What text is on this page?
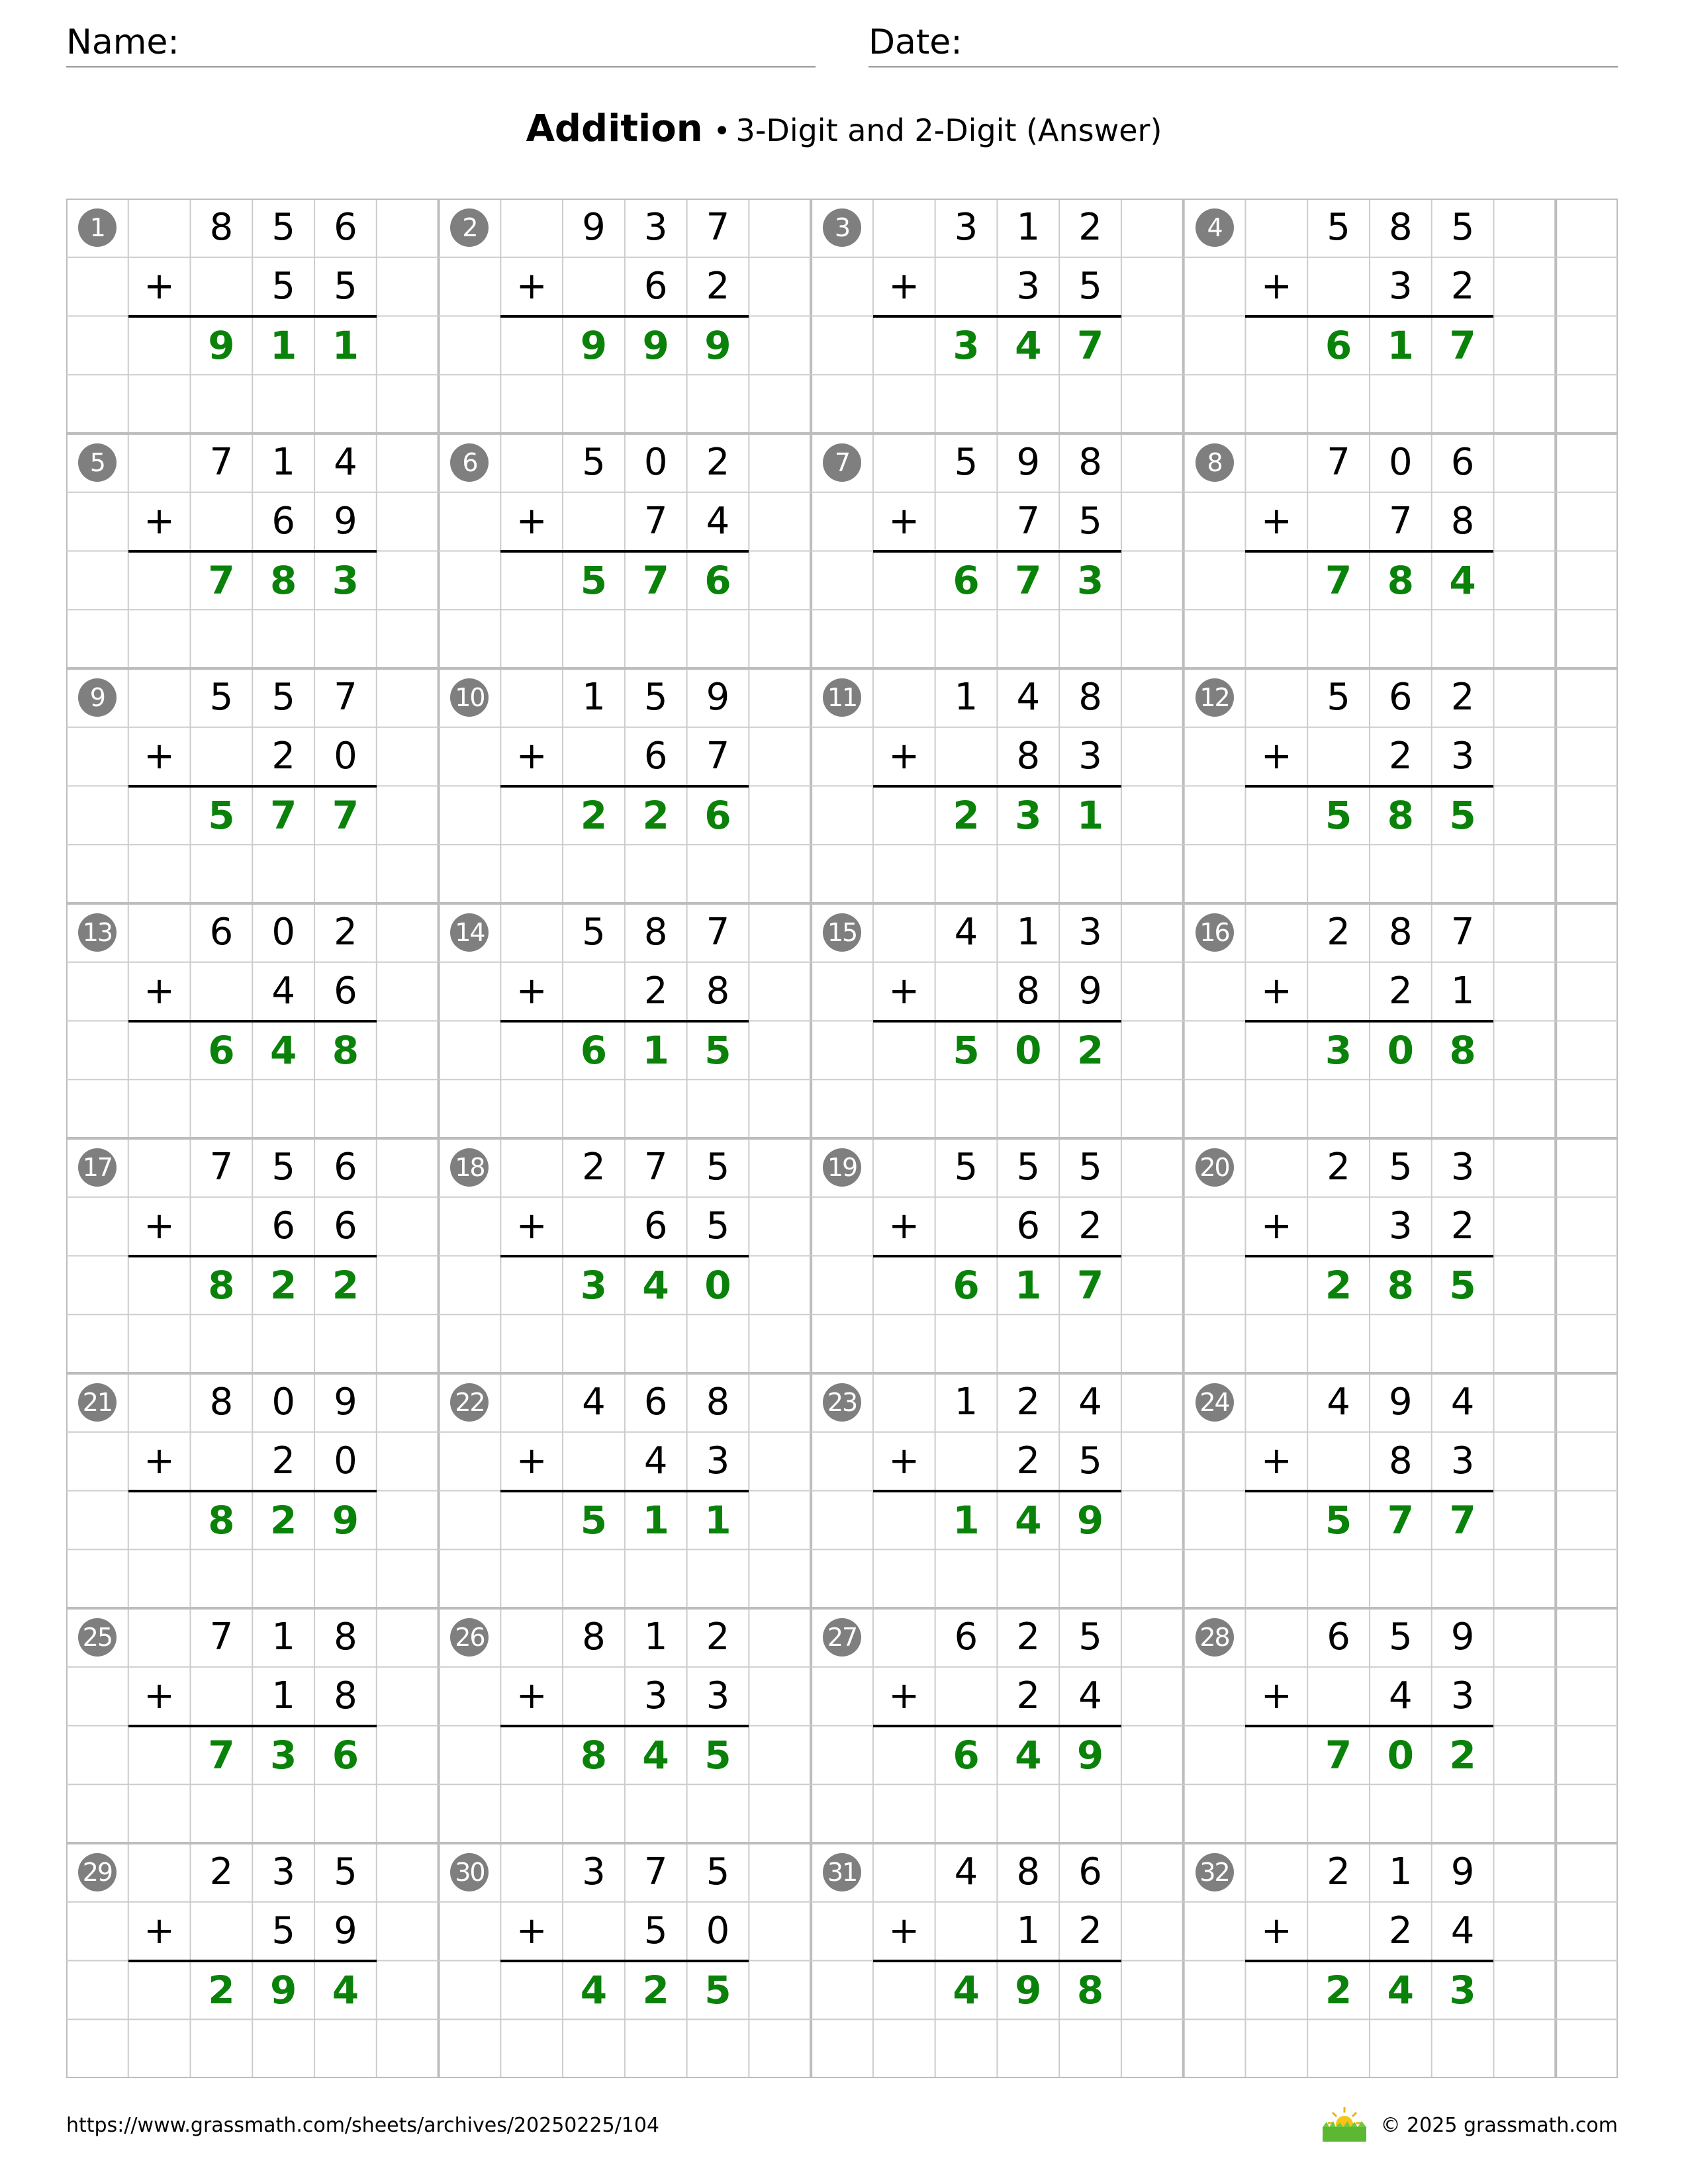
Name:	Date:
Addition • 3-Digit and 2-Digit (Answer)
1	8	5	6
+	5	5
9 1 1
2	9	3	7
+	6	2
9 9 9
3	3	1	2
+	3	5
3 4 7
4	5	8	5
+	3	2
6 1 7
5	7	1	4
+	6	9
7 8 3
6	5	0	2
+	7	4
5 7 6
7	5	9	8
+	7	5
6 7 3
8	7	0	6
+	7	8
7 8 4
9	5	5	7
+	2	0
5 7 7
10	1	5	9
+	6	7
2 2 6
11	1	4	8
+	8	3
2 3 1
12	5	6	2
+	2	3
5 8 5
13	6	0	2
+	4	6
6 4 8
14	5	8	7
+	2	8
6 1 5
15	4	1	3
+	8	9
5 0 2
16	2	8	7
+	2	1
3 0 8
17	7	5	6
+	6	6
8 2 2
18	2	7	5
+	6	5
3 4 0
19	5	5	5
+	6	2
6 1 7
20	2	5	3
+	3	2
2 8 5
21	8	0	9
+	2	0
8 2 9
22	4	6	8
+	4	3
5 1 1
23	1	2	4
+	2	5
1 4 9
24	4	9	4
+	8	3
5 7 7
25	7	1	8
+	1	8
7 3 6
26	8	1	2
+	3	3
8 4 5
27	6	2	5
+	2	4
6 4 9
28	6	5	9
+	4	3
7 0 2
29	2	3	5
+	5	9
2 9 4
30	3	7	5
+	5	0
4 2 5
31	4	8	6
+	1	2
4 9 8
32	2	1	9
+	2	4
2 4 3
https://www.grassmath.com/sheets/archives/20250225/104	© 2025 grassmath.com
